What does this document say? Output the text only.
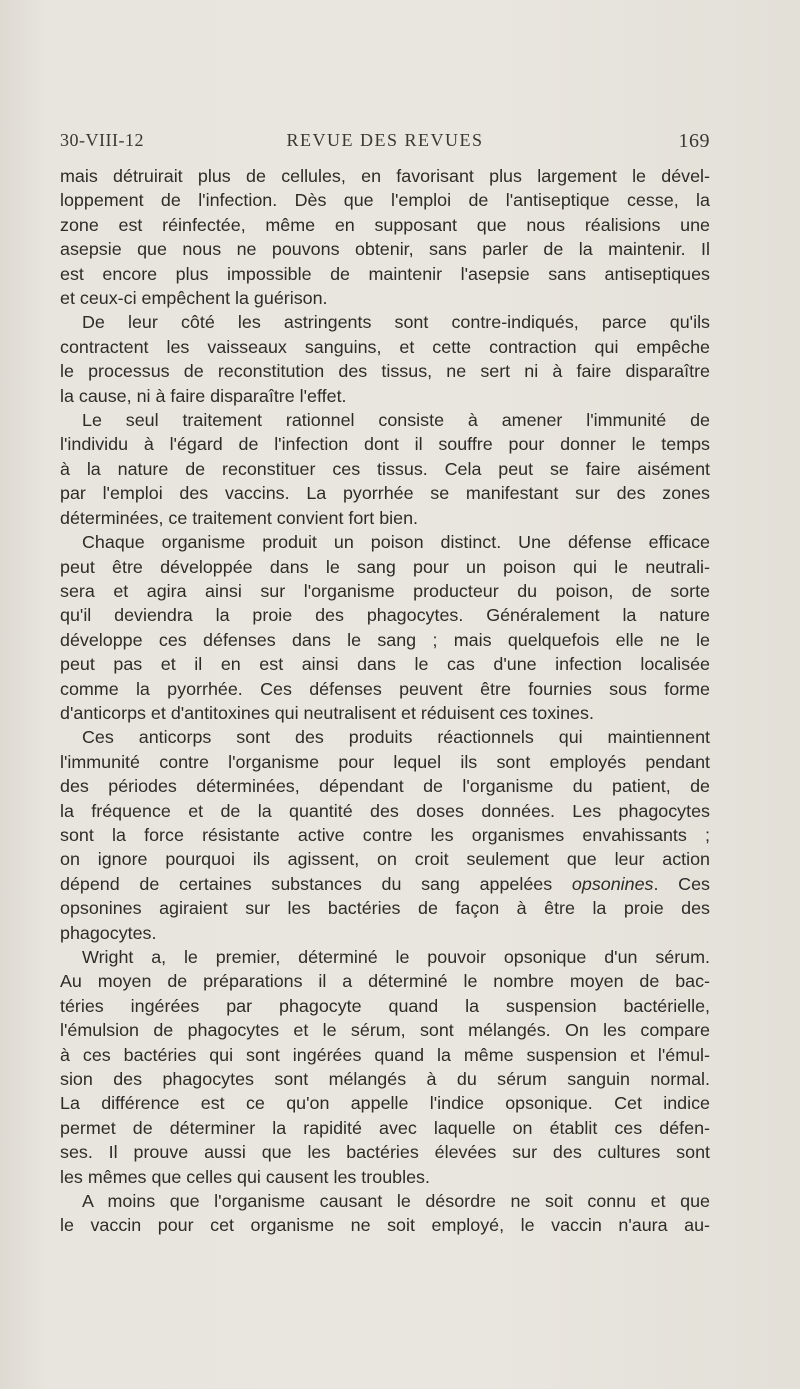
30-VIII-12	REVUE DES REVUES	169
mais détruirait plus de cellules, en favorisant plus largement le dével-
loppement de l'infection. Dès que l'emploi de l'antiseptique cesse, la
zone est réinfectée, même en supposant que nous réalisions une
asepsie que nous ne pouvons obtenir, sans parler de la maintenir. Il
est encore plus impossible de maintenir l'asepsie sans antiseptiques
et ceux-ci empêchent la guérison.
De leur côté les astringents sont contre-indiqués, parce qu'ils
contractent les vaisseaux sanguins, et cette contraction qui empêche
le processus de reconstitution des tissus, ne sert ni à faire disparaître
la cause, ni à faire disparaître l'effet.
Le seul traitement rationnel consiste à amener l'immunité de
l'individu à l'égard de l'infection dont il souffre pour donner le temps
à la nature de reconstituer ces tissus. Cela peut se faire aisément
par l'emploi des vaccins. La pyorrhée se manifestant sur des zones
déterminées, ce traitement convient fort bien.
Chaque organisme produit un poison distinct. Une défense efficace
peut être développée dans le sang pour un poison qui le neutrali-
sera et agira ainsi sur l'organisme producteur du poison, de sorte
qu'il deviendra la proie des phagocytes. Généralement la nature
développe ces défenses dans le sang ; mais quelquefois elle ne le
peut pas et il en est ainsi dans le cas d'une infection localisée
comme la pyorrhée. Ces défenses peuvent être fournies sous forme
d'anticorps et d'antitoxines qui neutralisent et réduisent ces toxines.
Ces anticorps sont des produits réactionnels qui maintiennent
l'immunité contre l'organisme pour lequel ils sont employés pendant
des périodes déterminées, dépendant de l'organisme du patient, de
la fréquence et de la quantité des doses données. Les phagocytes
sont la force résistante active contre les organismes envahissants ;
on ignore pourquoi ils agissent, on croit seulement que leur action
dépend de certaines substances du sang appelées opsonines. Ces
opsonines agiraient sur les bactéries de façon à être la proie des
phagocytes.
Wright a, le premier, déterminé le pouvoir opsonique d'un sérum.
Au moyen de préparations il a déterminé le nombre moyen de bac-
téries ingérées par phagocyte quand la suspension bactérielle,
l'émulsion de phagocytes et le sérum, sont mélangés. On les compare
à ces bactéries qui sont ingérées quand la même suspension et l'émul-
sion des phagocytes sont mélangés à du sérum sanguin normal.
La différence est ce qu'on appelle l'indice opsonique. Cet indice
permet de déterminer la rapidité avec laquelle on établit ces défen-
ses. Il prouve aussi que les bactéries élevées sur des cultures sont
les mêmes que celles qui causent les troubles.
A moins que l'organisme causant le désordre ne soit connu et que
le vaccin pour cet organisme ne soit employé, le vaccin n'aura au-
